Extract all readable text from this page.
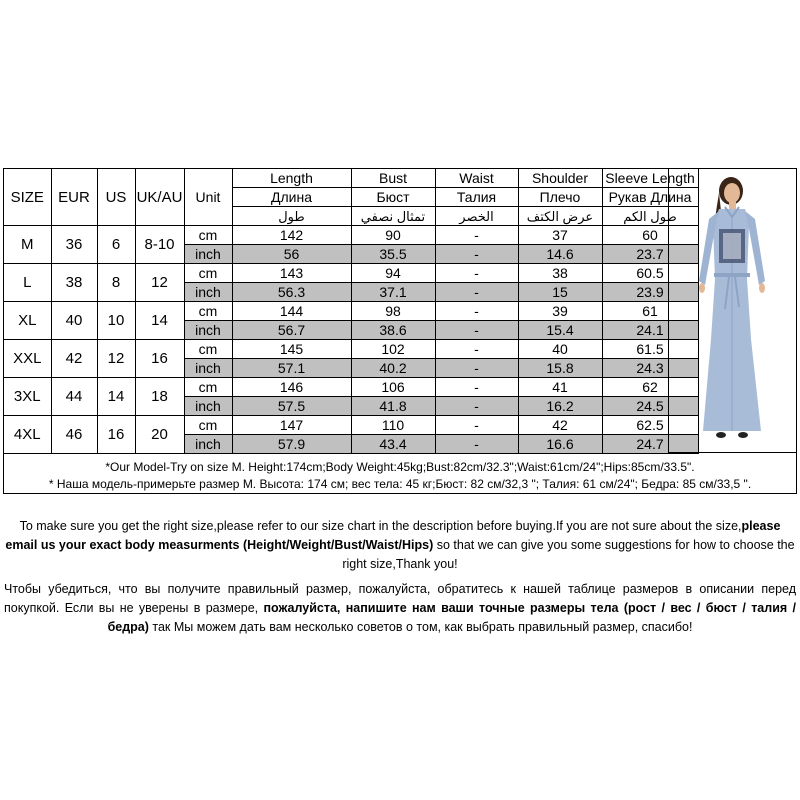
SIZE	EUR	US	UK/AU	Unit	Length	Bust	Waist	Shoulder	Sleeve Length
					Длина	Бюст	Талия	Плечо	Рукав Длина
					طول	تمثال نصفي	الخصر	عرض الكتف	طول الكم
M	36	6	8-10	cm	142	90	-	37	60
				inch	56	35.5	-	14.6	23.7
L	38	8	12	cm	143	94	-	38	60.5
				inch	56.3	37.1	-	15	23.9
XL	40	10	14	cm	144	98	-	39	61
				inch	56.7	38.6	-	15.4	24.1
XXL	42	12	16	cm	145	102	-	40	61.5
				inch	57.1	40.2	-	15.8	24.3
3XL	44	14	18	cm	146	106	-	41	62
				inch	57.5	41.8	-	16.2	24.5
4XL	46	16	20	cm	147	110	-	42	62.5
				inch	57.9	43.4	-	16.6	24.7
*Our Model-Try on size M. Height:174cm;Body Weight:45kg;Bust:82cm/32.3";Waist:61cm/24";Hips:85cm/33.5".
* Наша модель-примерьте размер М. Высота: 174 см; вес тела: 45 кг;Бюст: 82 см/32,3 "; Талия: 61 см/24"; Бедра: 85 см/33,5 ".
To make sure you get the right size,please refer to our size chart in the description before buying.If you are not sure about the size,please email us your exact body measurments (Height/Weight/Bust/Waist/Hips) so that we can give you some suggestions for how to choose the right size,Thank you!
Чтобы убедиться, что вы получите правильный размер, пожалуйста, обратитесь к нашей таблице размеров в описании перед покупкой. Если вы не уверены в размере, пожалуйста, напишите нам ваши точные размеры тела (рост / вес / бюст / талия / бедра) так Мы можем дать вам несколько советов о том, как выбрать правильный размер, спасибо!
